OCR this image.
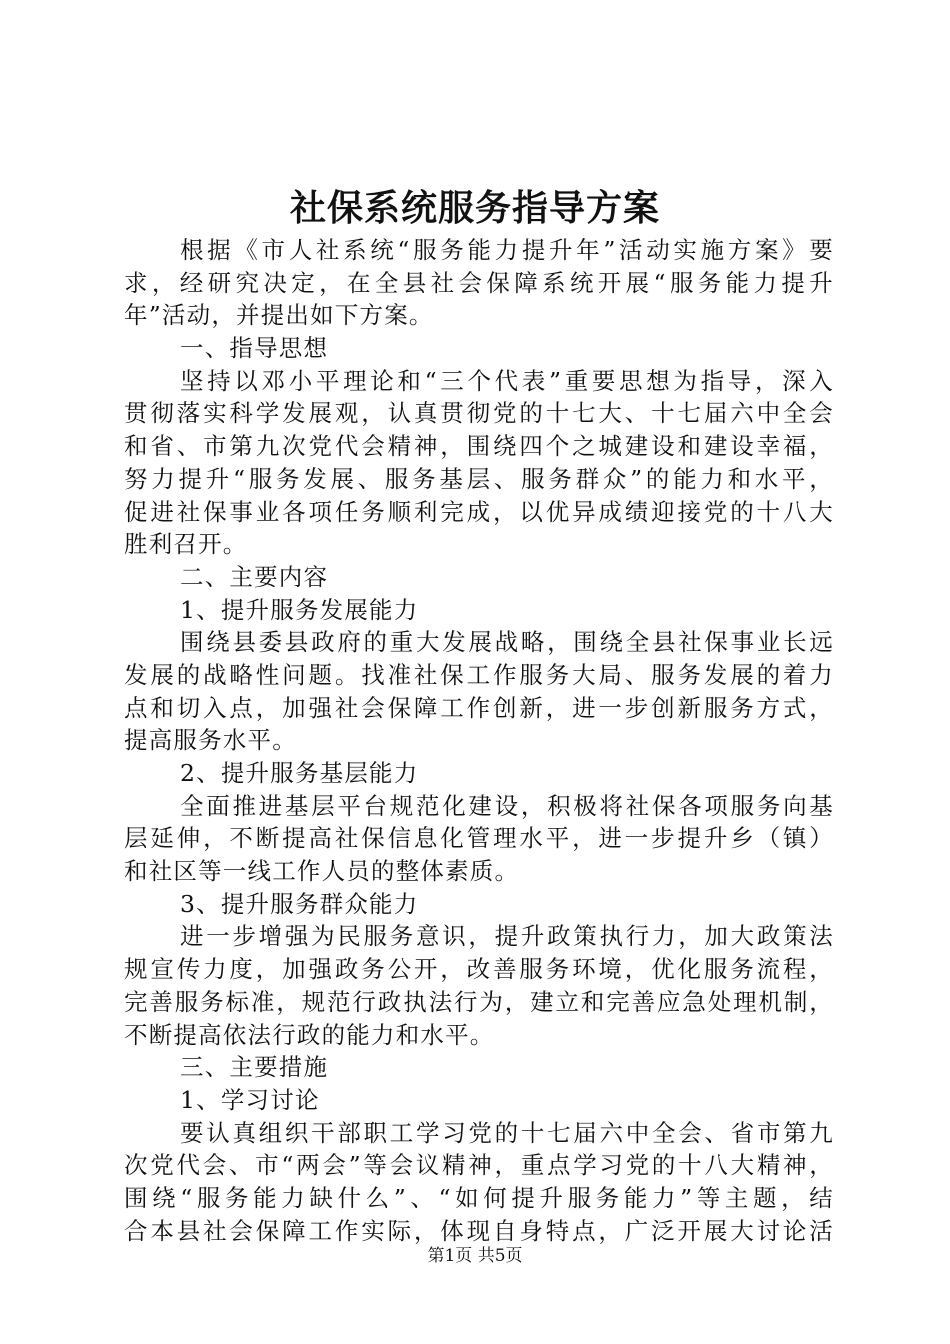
社保系统服务指导方案
根据《市人社系统“服务能力提升年”活动实施方案》要
求，经研究决定，在全县社会保障系统开展“服务能力提升
年”活动，并提出如下方案。
一、指导思想
坚持以邓小平理论和“三个代表”重要思想为指导，深入
贯彻落实科学发展观，认真贯彻党的十七大、十七届六中全会
和省、市第九次党代会精神，围绕四个之城建设和建设幸福，
努力提升“服务发展、服务基层、服务群众”的能力和水平，
促进社保事业各项任务顺利完成，以优异成绩迎接党的十八大
胜利召开。
二、主要内容
1、提升服务发展能力
围绕县委县政府的重大发展战略，围绕全县社保事业长远
发展的战略性问题。找准社保工作服务大局、服务发展的着力
点和切入点，加强社会保障工作创新，进一步创新服务方式，
提高服务水平。
2、提升服务基层能力
全面推进基层平台规范化建设，积极将社保各项服务向基
层延伸，不断提高社保信息化管理水平，进一步提升乡（镇）
和社区等一线工作人员的整体素质。
3、提升服务群众能力
进一步增强为民服务意识，提升政策执行力，加大政策法
规宣传力度，加强政务公开，改善服务环境，优化服务流程，
完善服务标准，规范行政执法行为，建立和完善应急处理机制，
不断提高依法行政的能力和水平。
三、主要措施
1、学习讨论
要认真组织干部职工学习党的十七届六中全会、省市第九
次党代会、市“两会”等会议精神，重点学习党的十八大精神，
围绕“服务能力缺什么”、“如何提升服务能力”等主题，结
合本县社会保障工作实际，体现自身特点，广泛开展大讨论活
第1页 共5页
